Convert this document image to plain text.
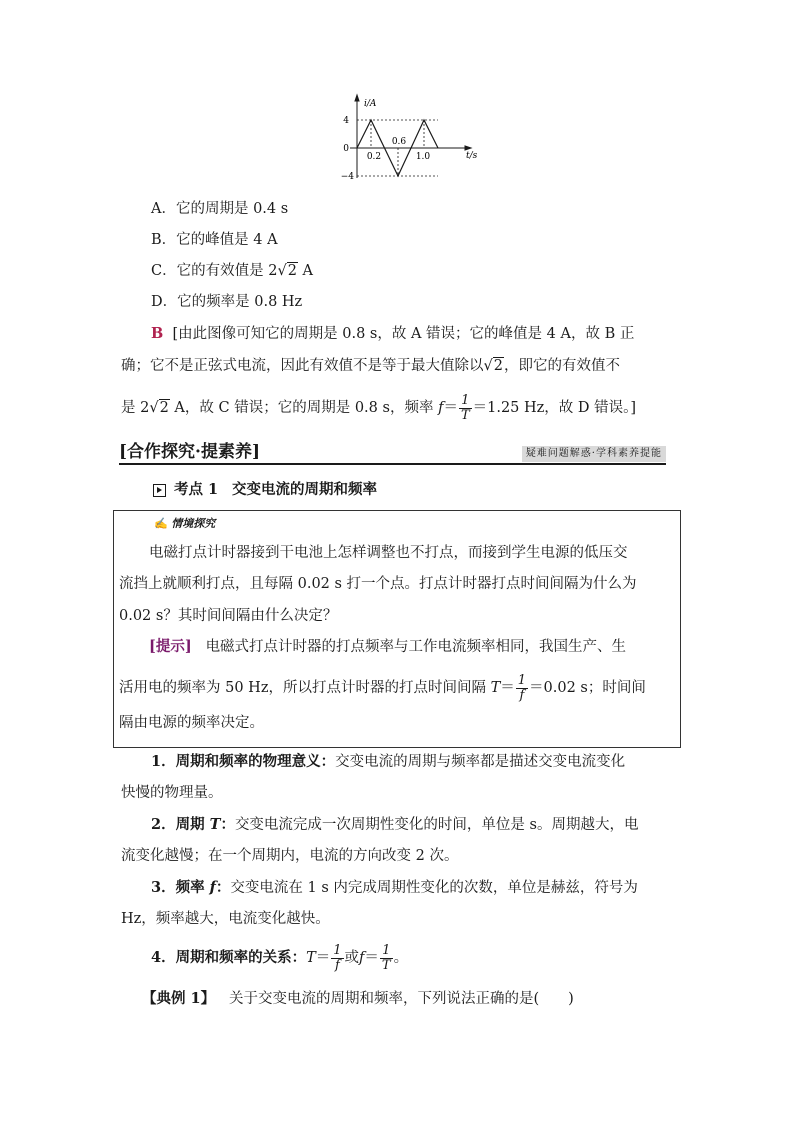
i/A
t/s
4
0
−4
0.2
0.6
1.0
A．它的周期是 0.4 s
B．它的峰值是 4 A
C．它的有效值是 2√2 A
D．它的频率是 0.8 Hz
B [由此图像可知它的周期是 0.8 s，故 A 错误；它的峰值是 4 A，故 B 正
确；它不是正弦式电流，因此有效值不是等于最大值除以√2，即它的有效值不
是 2√2 A，故 C 错误；它的周期是 0.8 s，频率 $f= \frac{1}{T} =1.25$ Hz，故 D 错误。]
[合作探究·提素养]	疑难问题解惑·学科素养提能
考点 1 交变电流的周期和频率
✍ 情境探究
电磁打点计时器接到干电池上怎样调整也不打点，而接到学生电源的低压交
流挡上就顺利打点，且每隔 0.02 s 打一个点。打点计时器打点时间间隔为什么为
0.02 s？其时间间隔由什么决定？
[提示] 电磁式打点计时器的打点频率与工作电流频率相同，我国生产、生
活用电的频率为 50 Hz，所以打点计时器的打点时间间隔 $T= \frac{1}{f} =0.02$ s；时间间
隔由电源的频率决定。
1．周期和频率的物理意义：交变电流的周期与频率都是描述交变电流变化
快慢的物理量。
2．周期 T：交变电流完成一次周期性变化的时间，单位是 s。周期越大，电
流变化越慢；在一个周期内，电流的方向改变 2 次。
3．频率 f：交变电流在 1 s 内完成周期性变化的次数，单位是赫兹，符号为
Hz，频率越大，电流变化越快。
4．周期和频率的关系：$T= \frac{1}{f}$ 或$f= \frac{1}{T}$ 。
【典例 1】 关于交变电流的周期和频率，下列说法正确的是(　　)
